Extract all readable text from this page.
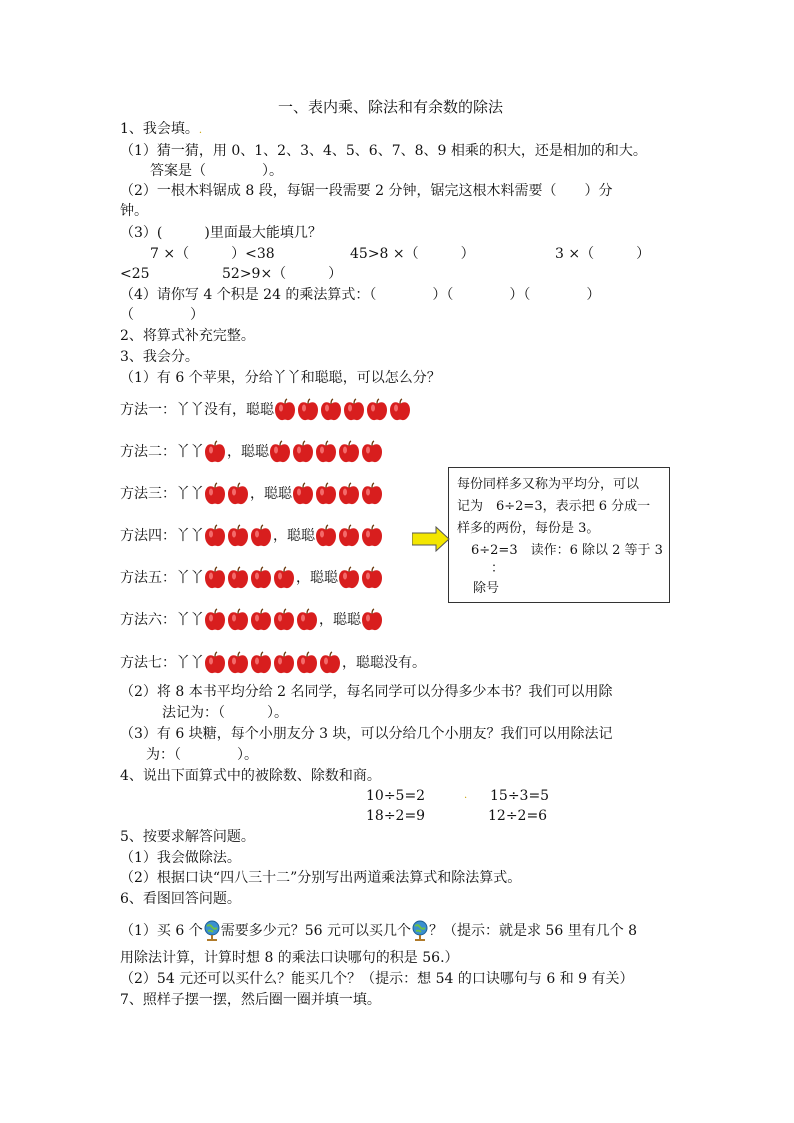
一、表内乘、除法和有余数的除法
1、我会填。.
（1）猜一猜，用 0、1、2、3、4、5、6、7、8、9 相乘的积大，还是相加的和大。
答案是（　　　　）。
（2）一根木料锯成 8 段，每锯一段需要 2 分钟，锯完这根木料需要（　　）分
钟。
（3）(　　　)里面最大能填几？
7 ×（　　　）<38	45>8 ×（　　　）	3 ×（　　　）
<25	52>9×（　　　）
（4）请你写 4 个积是 24 的乘法算式：（　　　　）（　　　　）（　　　　）
（　　　　）
2、将算式补充完整。
3、我会分。
（1）有 6 个苹果，分给丫丫和聪聪，可以怎么分？
方法一：丫丫没有，聪聪
方法二：丫丫 ，聪聪
方法三：丫丫	，聪聪
方法四：丫丫	，聪聪
方法五：丫丫	，聪聪
方法六：丫丫	，聪聪
方法七：丫丫	，聪聪没有。
每份同样多又称为平均分，可以
记为　6÷2=3，表示把 6 分成一
样多的两份，每份是 3。
6÷2=3　读作：6 除以 2 等于 3
：
除号
（2）将 8 本书平均分给 2 名同学，每名同学可以分得多少本书？我们可以用除
法记为：（　　　）。
（3）有 6 块糖，每个小朋友分 3 块，可以分给几个小朋友？我们可以用除法记
为：（　　　　）。
4、说出下面算式中的被除数、除数和商。
10÷5=2	. 15÷3=5
18÷2=9	12÷2=6
5、按要求解答问题。
（1）我会做除法。
（2）根据口诀“四八三十二”分别写出两道乘法算式和除法算式。
6、看图回答问题。
（1）买 6 个 需要多少元？56 元可以买几个 ？（提示：就是求 56 里有几个 8
用除法计算，计算时想 8 的乘法口诀哪句的积是 56.）
（2）54 元还可以买什么？能买几个？（提示：想 54 的口诀哪句与 6 和 9 有关）
7、照样子摆一摆，然后圈一圈并填一填。
